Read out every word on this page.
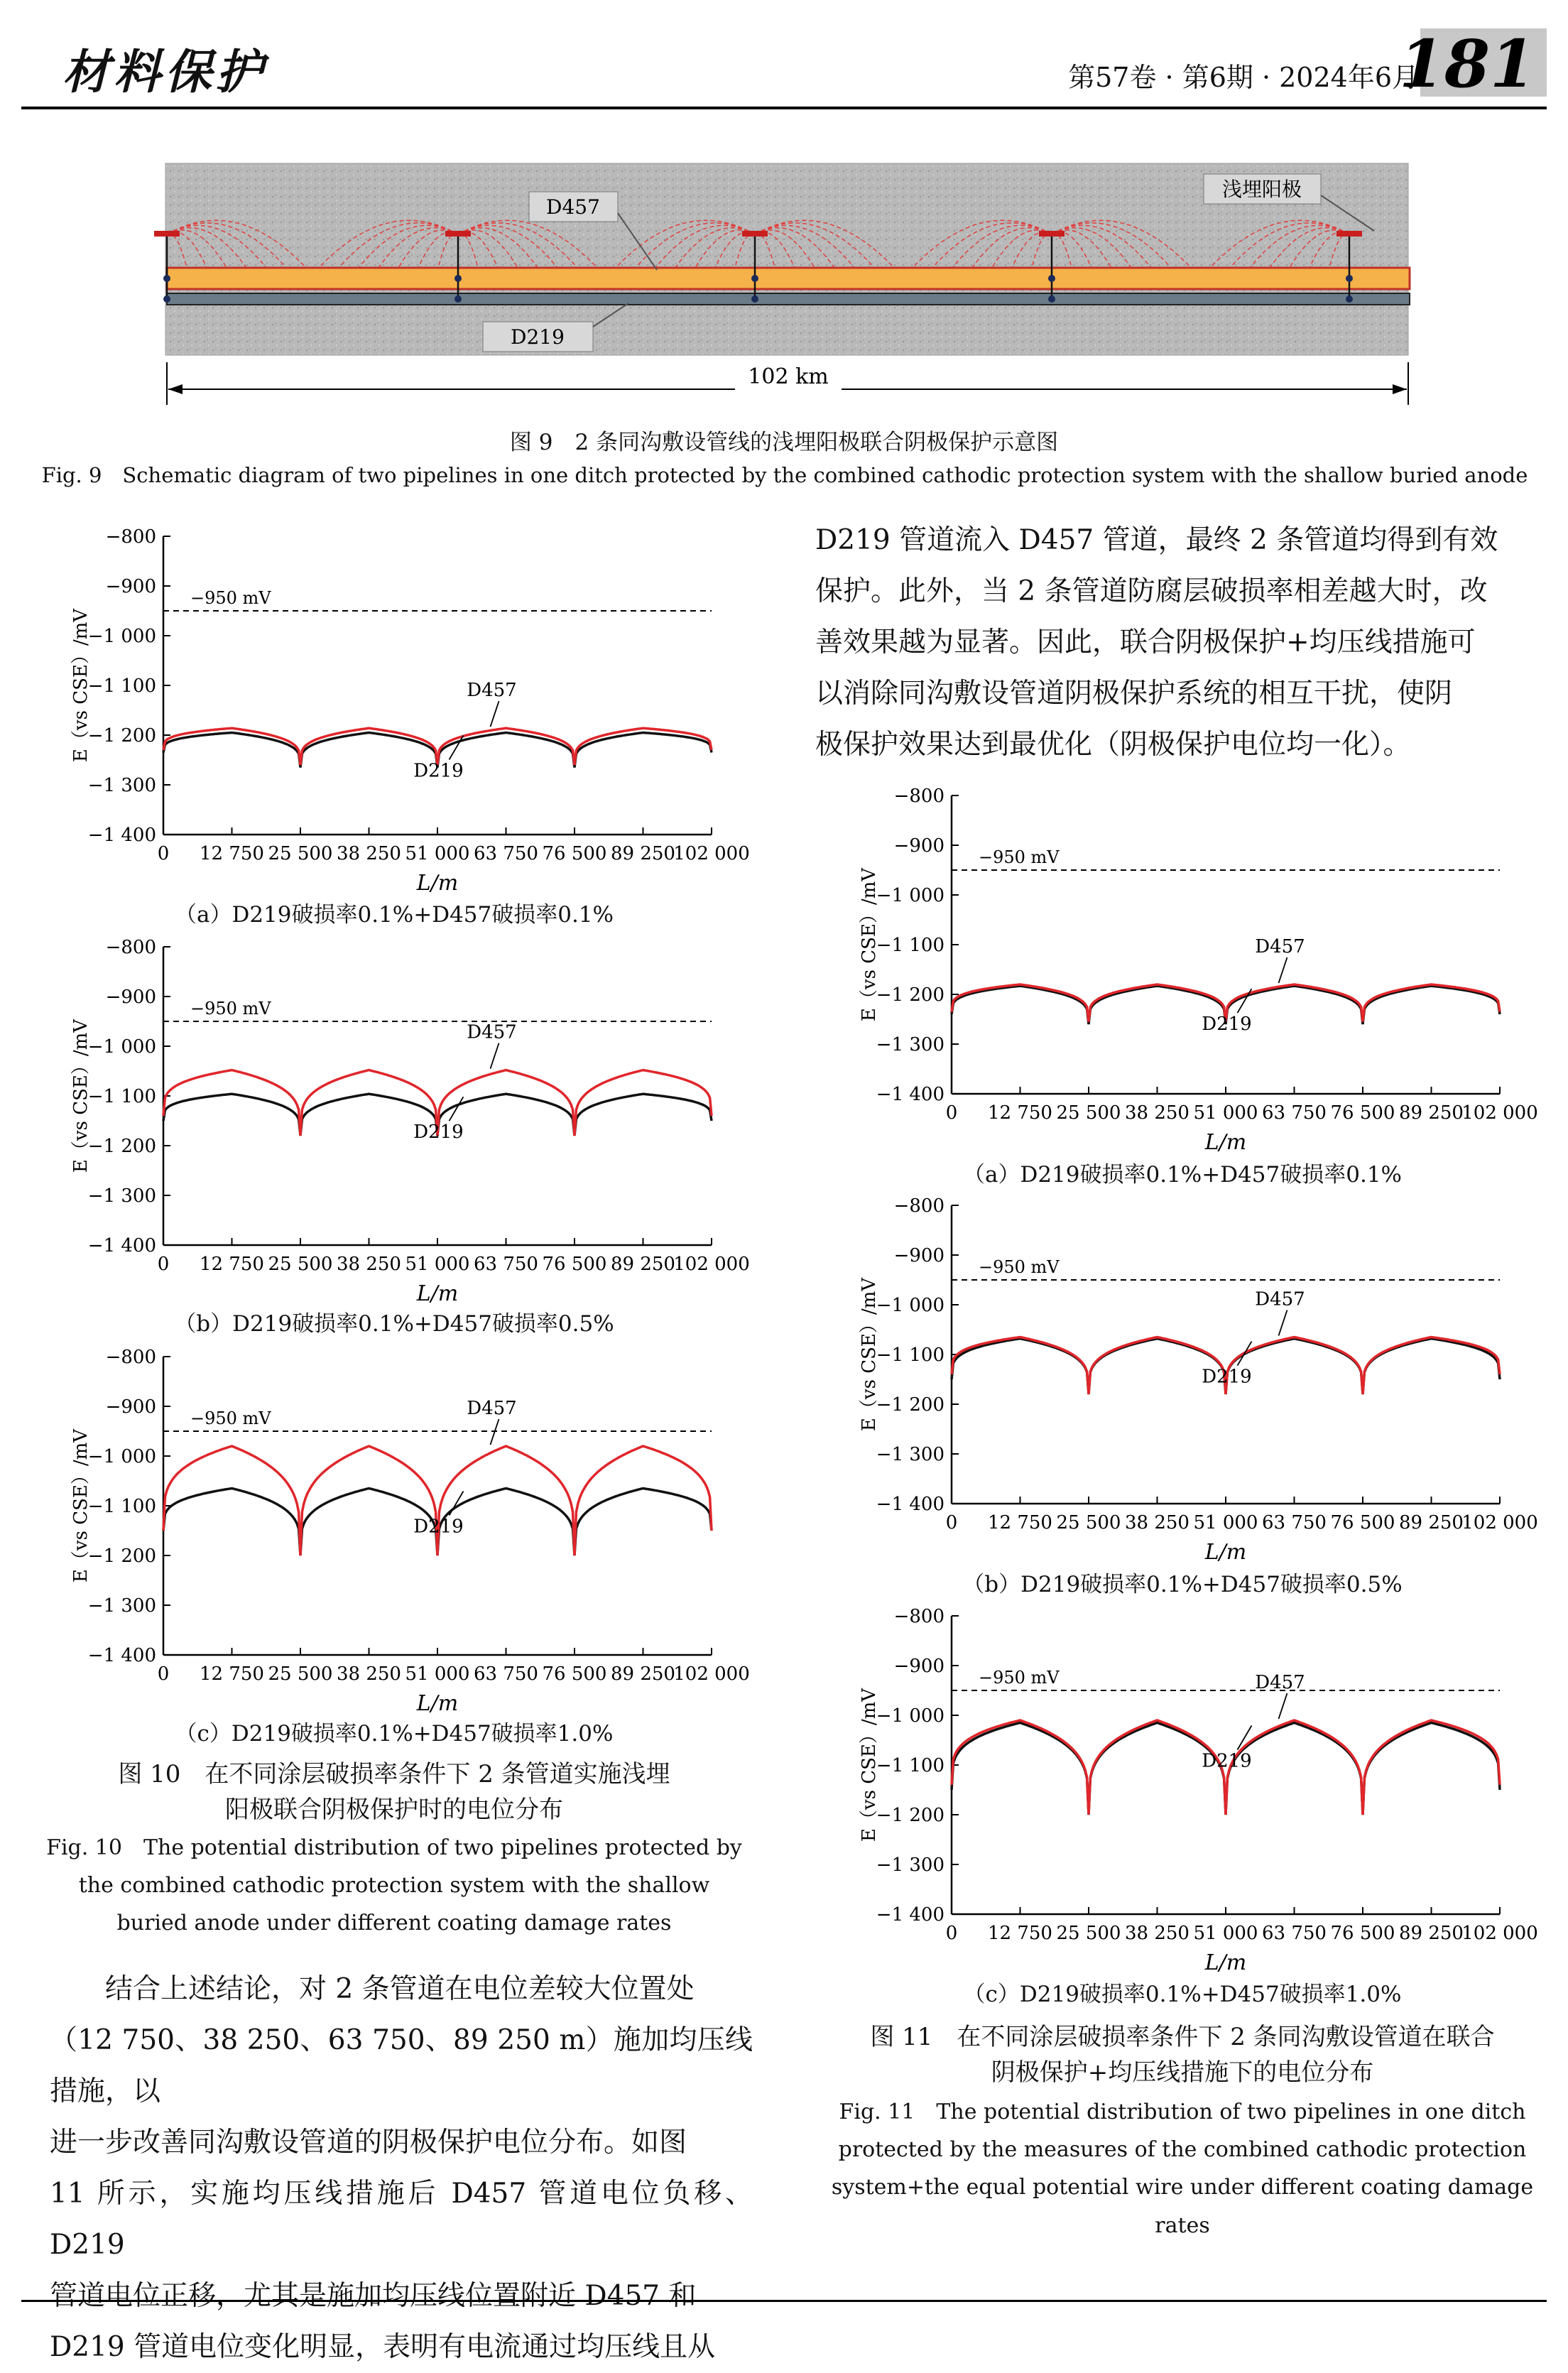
材料保护	第57卷 · 第6期 · 2024年6月
181
D457
D219
浅埋阳极
102 km
图 9　2 条同沟敷设管线的浅埋阳极联合阴极保护示意图
Fig. 9　Schematic diagram of two pipelines in one ditch protected by the combined cathodic protection system with the shallow buried anode
−800
−900
−1 000
−1 100
−1 200
−1 300
−1 400
0 12 750 25 500 38 250 51 000 63 750 76 500 89 250
102 000
L/m
E（vs CSE）/mV
−950 mV
D457
D219
（a）D219破损率0.1%+D457破损率0.1%
−800
−900
−1 000
−1 100
−1 200
−1 300
−1 400
0 12 750 25 500 38 250 51 000 63 750 76 500 89 250
102 000
L/m
E（vs CSE）/mV
−950 mV
D457
D219
（b）D219破损率0.1%+D457破损率0.5%
−800
−900
−1 000
−1 100
−1 200
−1 300
−1 400
0 12 750 25 500 38 250 51 000 63 750 76 500 89 250
102 000
L/m
E（vs CSE）/mV
−950 mV	D457
D219
（c）D219破损率0.1%+D457破损率1.0%
图 10　在不同涂层破损率条件下 2 条管道实施浅埋
阳极联合阴极保护时的电位分布
Fig. 10　The potential distribution of two pipelines protected by
the combined cathodic protection system with the shallow
buried anode under different coating damage rates
　　结合上述结论，对 2 条管道在电位差较大位置处
（12 750、38 250、63 750、89 250 m）施加均压线措施，以
进一步改善同沟敷设管道的阴极保护电位分布。如图
11 所示，实施均压线措施后 D457 管道电位负移、D219
管道电位正移，尤其是施加均压线位置附近 D457 和
D219 管道电位变化明显，表明有电流通过均压线且从
D219 管道流入 D457 管道，最终 2 条管道均得到有效
保护。此外，当 2 条管道防腐层破损率相差越大时，改
善效果越为显著。因此，联合阴极保护+均压线措施可
以消除同沟敷设管道阴极保护系统的相互干扰，使阴
极保护效果达到最优化（阴极保护电位均一化）。
−800
−900
−1 000
−1 100
−1 200
−1 300
−1 400
0 12 750 25 500 38 250 51 000 63 750 76 500 89 250
102 000
L/m
E（vs CSE）/mV
−950 mV
D457
D219
（a）D219破损率0.1%+D457破损率0.1%
−800
−900
−1 000
−1 100
−1 200
−1 300
−1 400
0 12 750 25 500 38 250 51 000 63 750 76 500 89 250
102 000
L/m
E（vs CSE）/mV
−950 mV
D457
D219
（b）D219破损率0.1%+D457破损率0.5%
−800
−900
−1 000
−1 100
−1 200
−1 300
−1 400
0 12 750 25 500 38 250 51 000 63 750 76 500 89 250
102 000
L/m
E（vs CSE）/mV
−950 mV	D457
D219
（c）D219破损率0.1%+D457破损率1.0%
图 11　在不同涂层破损率条件下 2 条同沟敷设管道在联合
阴极保护+均压线措施下的电位分布
Fig. 11　The potential distribution of two pipelines in one ditch
protected by the measures of the combined cathodic protection
system+the equal potential wire under different coating damage rates
